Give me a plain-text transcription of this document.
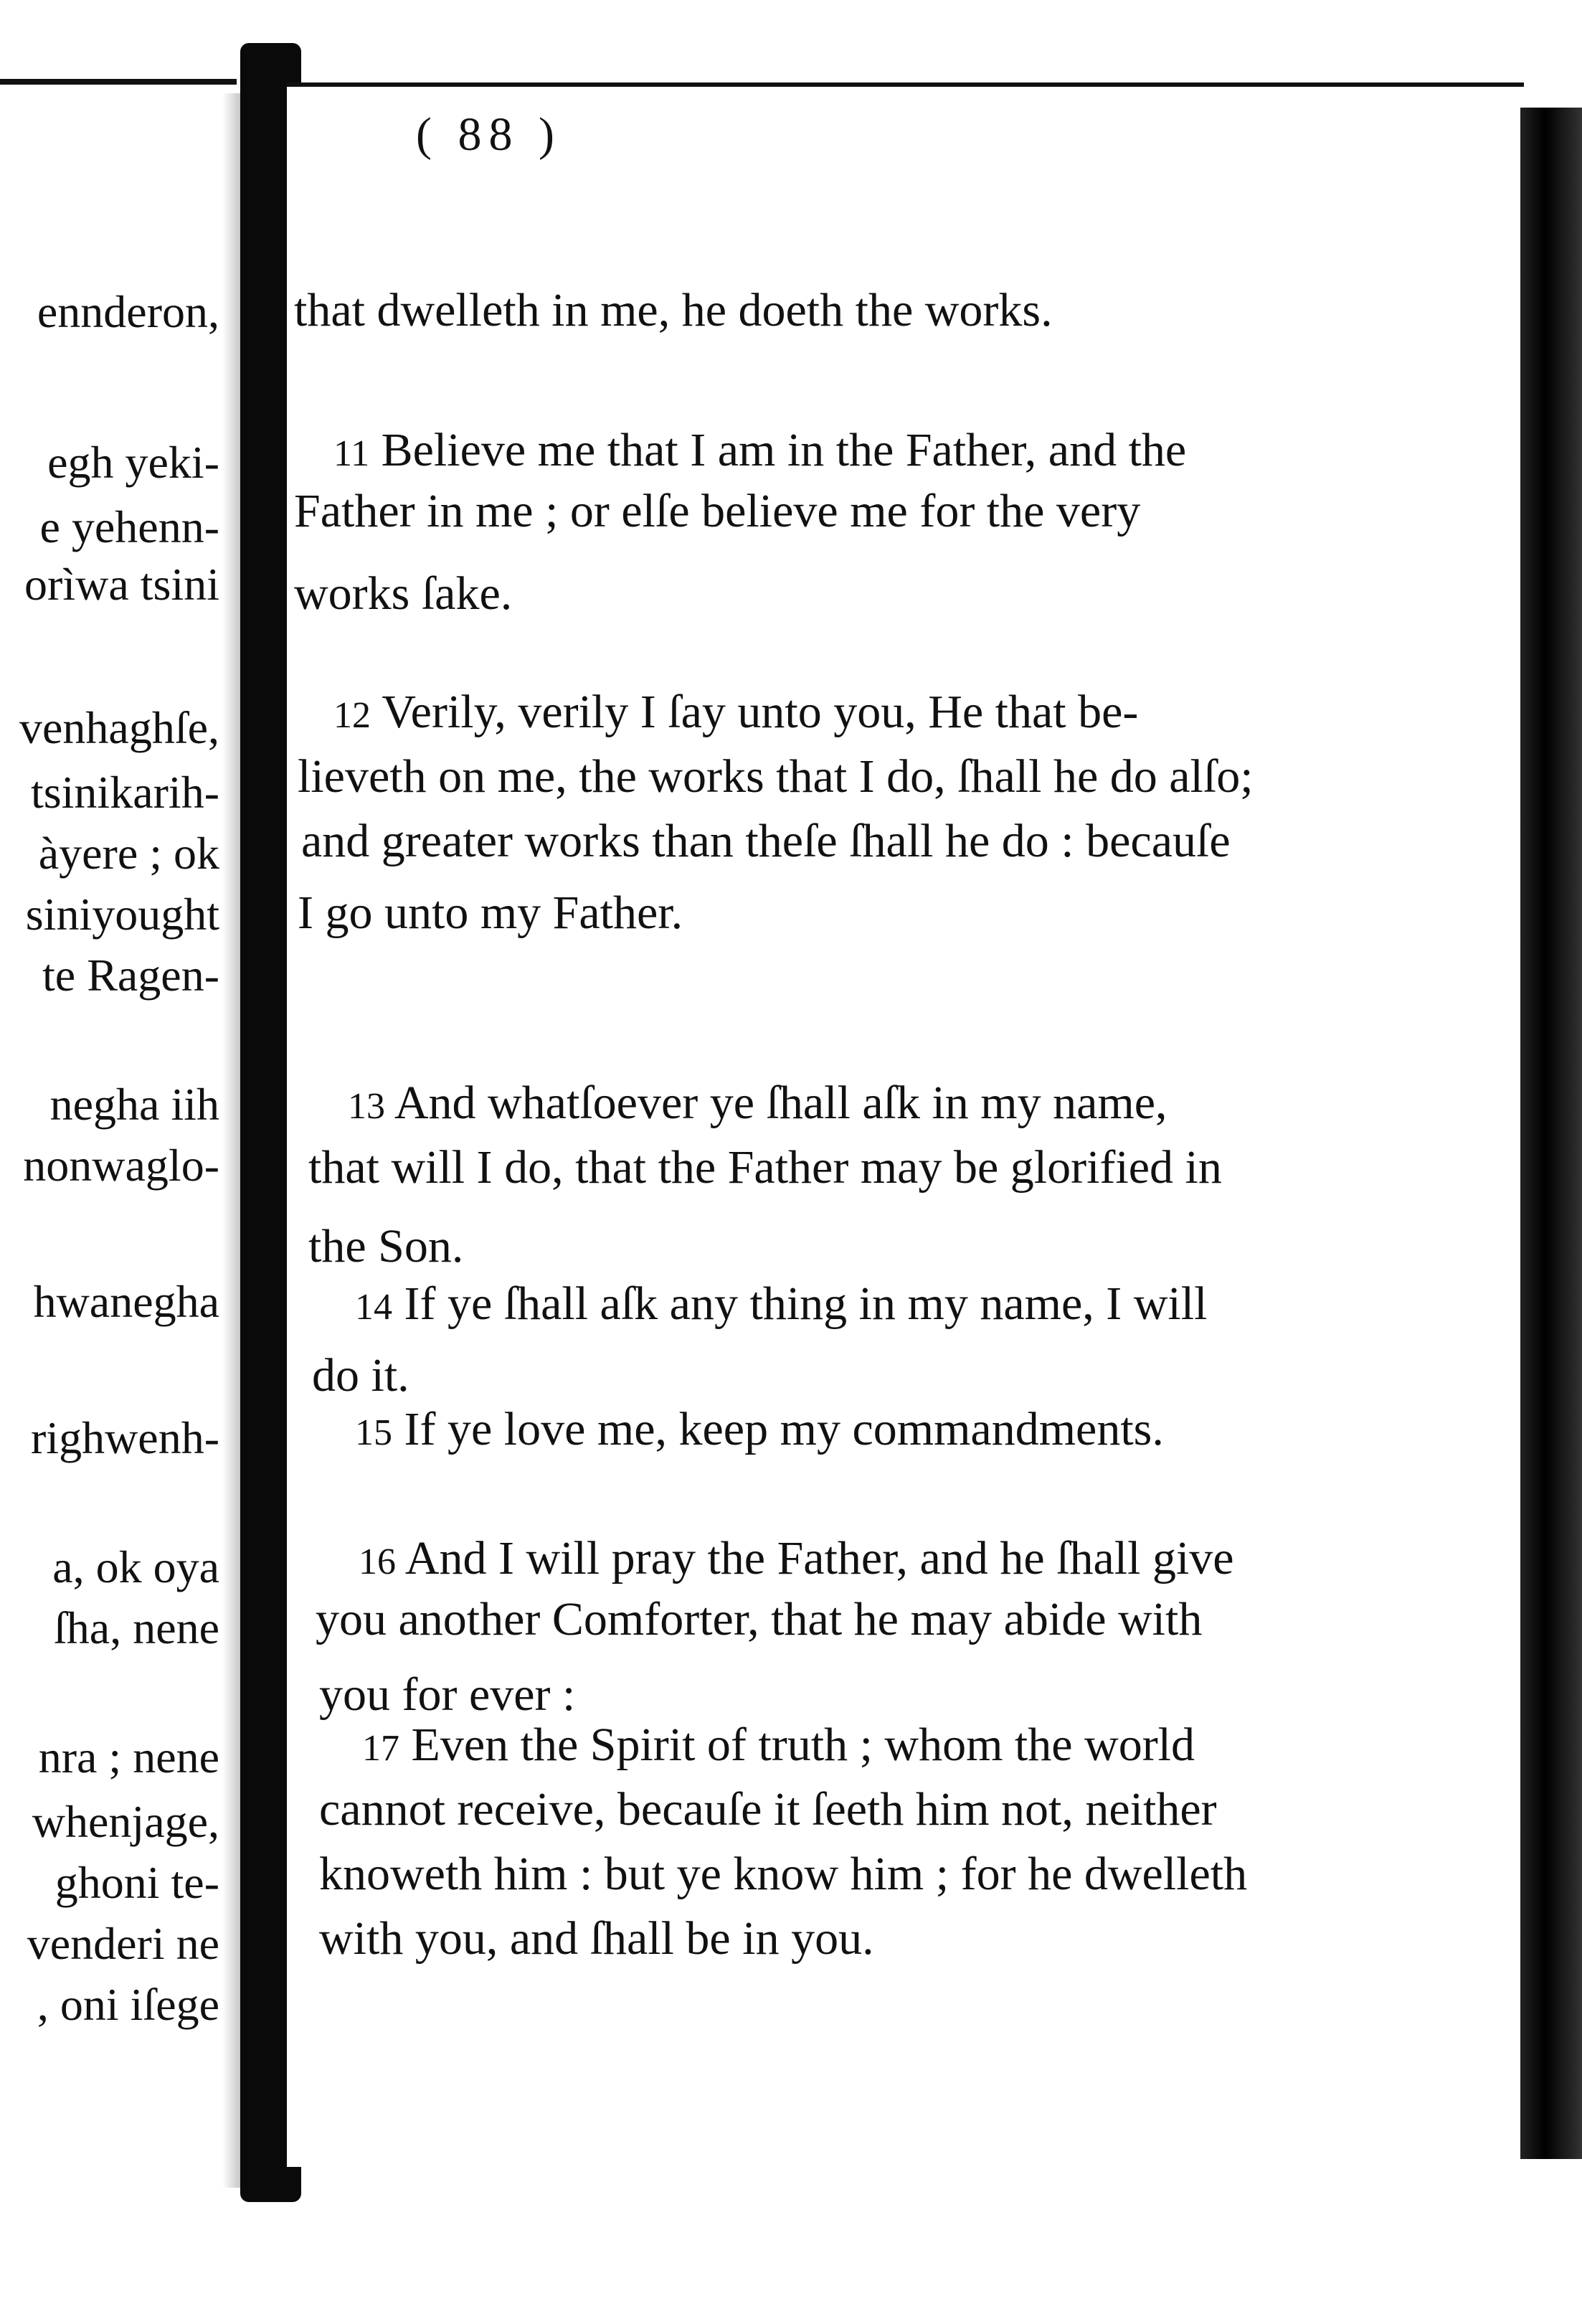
ennderon,
egh yeki-
e yehenn-
orìwa tsini
venhaghſe,
tsinikarih-
àyere ; ok
siniyought
te Ragen-
negha iih
nonwaglo-
hwanegha
righwenh-
a, ok oya
ſha, nene
nra ; nene
whenjage,
ghoni te-
venderi ne
, oni iſege
( 88 )
that dwelleth in me, he doeth the works.
11 Believe me that I am in the Father, and the
Father in me ; or elſe believe me for the very
works ſake.
12 Verily, verily I ſay unto you, He that be-
lieveth on me, the works that I do, ſhall he do alſo;
and greater works than theſe ſhall he do : becauſe
I go unto my Father.
13 And whatſoever ye ſhall aſk in my name,
that will I do, that the Father may be glorified in
the Son.
14 If ye ſhall aſk any thing in my name, I will
do it.
15 If ye love me, keep my commandments.
16 And I will pray the Father, and he ſhall give
you another Comforter, that he may abide with
you for ever :
17 Even the Spirit of truth ; whom the world
cannot receive, becauſe it ſeeth him not, neither
knoweth him : but ye know him ; for he dwelleth
with you, and ſhall be in you.
